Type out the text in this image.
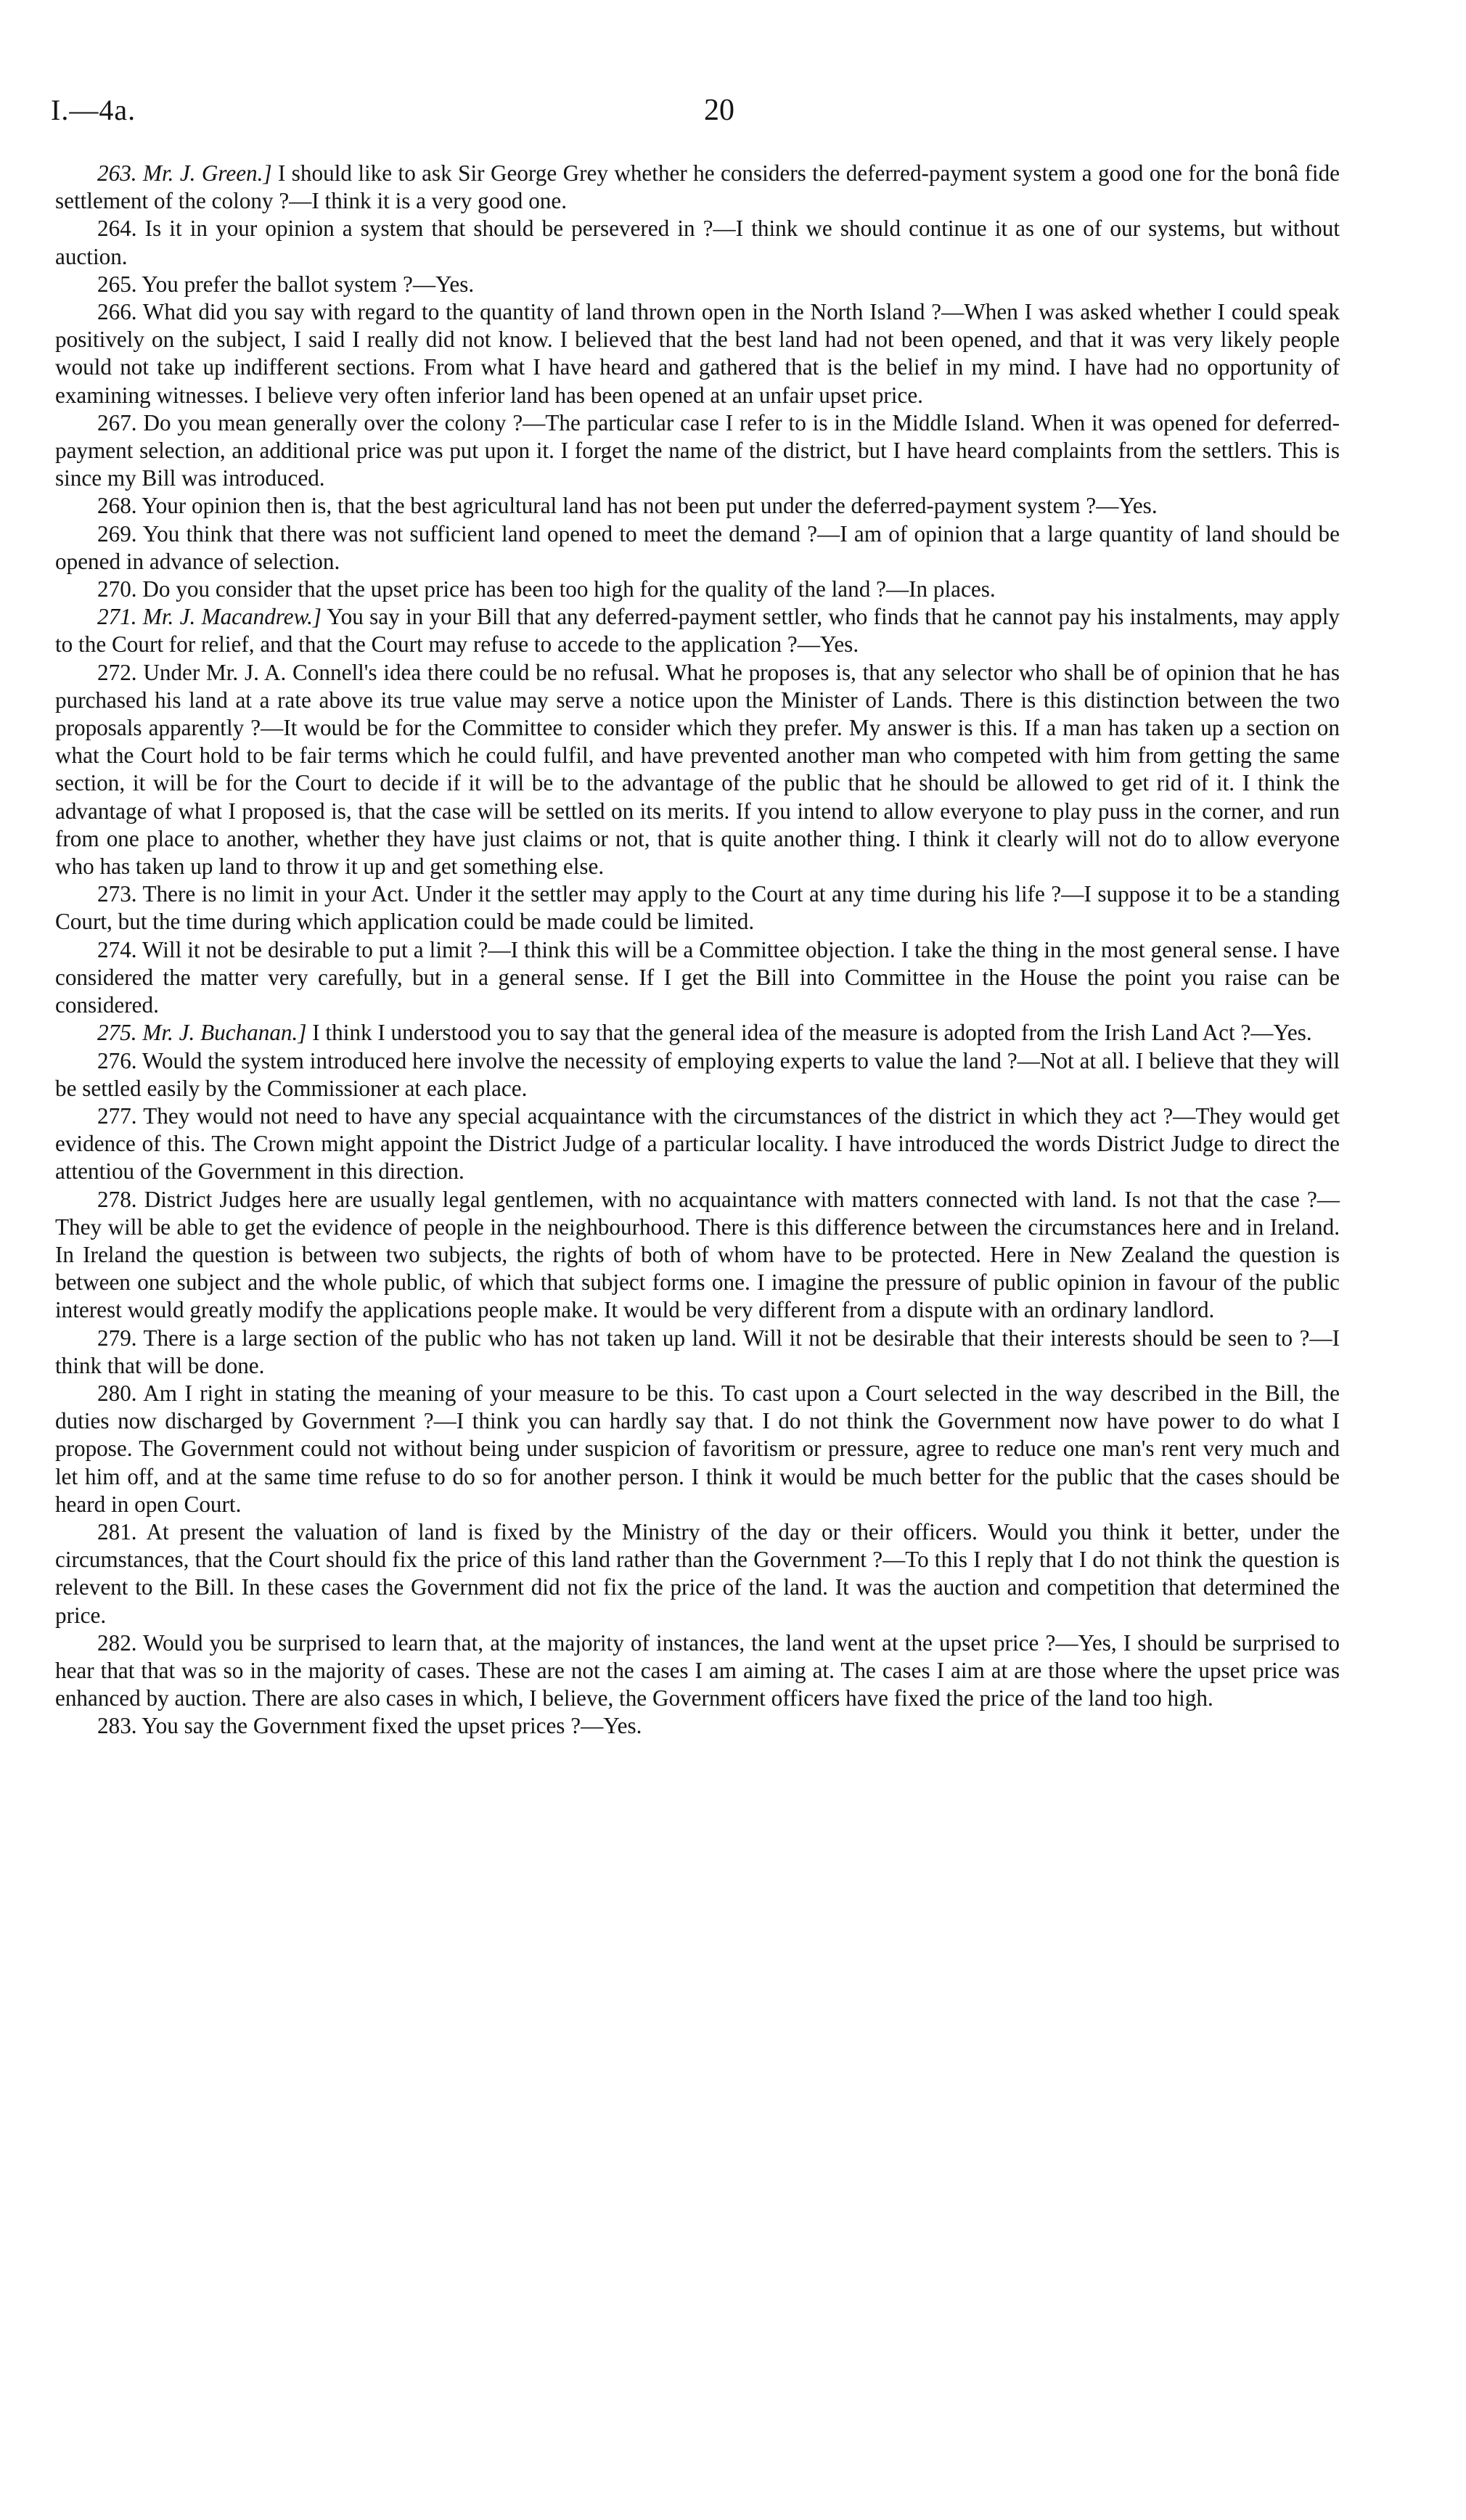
I.—4a.	20

263. Mr. J. Green.] I should like to ask Sir George Grey whether he considers the deferred-payment system a good one for the bonâ fide settlement of the colony ?—I think it is a very good one.

264. Is it in your opinion a system that should be persevered in ?—I think we should continue it as one of our systems, but without auction.

265. You prefer the ballot system ?—Yes.

266. What did you say with regard to the quantity of land thrown open in the North Island ?—When I was asked whether I could speak positively on the subject, I said I really did not know. I believed that the best land had not been opened, and that it was very likely people would not take up indifferent sections. From what I have heard and gathered that is the belief in my mind. I have had no opportunity of examining witnesses. I believe very often inferior land has been opened at an unfair upset price.

267. Do you mean generally over the colony ?—The particular case I refer to is in the Middle Island. When it was opened for deferred-payment selection, an additional price was put upon it. I forget the name of the district, but I have heard complaints from the settlers. This is since my Bill was introduced.

268. Your opinion then is, that the best agricultural land has not been put under the deferred-payment system ?—Yes.

269. You think that there was not sufficient land opened to meet the demand ?—I am of opinion that a large quantity of land should be opened in advance of selection.

270. Do you consider that the upset price has been too high for the quality of the land ?—In places.

271. Mr. J. Macandrew.] You say in your Bill that any deferred-payment settler, who finds that he cannot pay his instalments, may apply to the Court for relief, and that the Court may refuse to accede to the application ?—Yes.

272. Under Mr. J. A. Connell's idea there could be no refusal. What he proposes is, that any selector who shall be of opinion that he has purchased his land at a rate above its true value may serve a notice upon the Minister of Lands. There is this distinction between the two proposals apparently ?—It would be for the Committee to consider which they prefer. My answer is this. If a man has taken up a section on what the Court hold to be fair terms which he could fulfil, and have prevented another man who competed with him from getting the same section, it will be for the Court to decide if it will be to the advantage of the public that he should be allowed to get rid of it. I think the advantage of what I proposed is, that the case will be settled on its merits. If you intend to allow everyone to play puss in the corner, and run from one place to another, whether they have just claims or not, that is quite another thing. I think it clearly will not do to allow everyone who has taken up land to throw it up and get something else.

273. There is no limit in your Act. Under it the settler may apply to the Court at any time during his life ?—I suppose it to be a standing Court, but the time during which application could be made could be limited.

274. Will it not be desirable to put a limit ?—I think this will be a Committee objection. I take the thing in the most general sense. I have considered the matter very carefully, but in a general sense. If I get the Bill into Committee in the House the point you raise can be considered.

275. Mr. J. Buchanan.] I think I understood you to say that the general idea of the measure is adopted from the Irish Land Act ?—Yes.

276. Would the system introduced here involve the necessity of employing experts to value the land ?—Not at all. I believe that they will be settled easily by the Commissioner at each place.

277. They would not need to have any special acquaintance with the circumstances of the district in which they act ?—They would get evidence of this. The Crown might appoint the District Judge of a particular locality. I have introduced the words District Judge to direct the attentiou of the Government in this direction.

278. District Judges here are usually legal gentlemen, with no acquaintance with matters connected with land. Is not that the case ?—They will be able to get the evidence of people in the neighbourhood. There is this difference between the circumstances here and in Ireland. In Ireland the question is between two subjects, the rights of both of whom have to be protected. Here in New Zealand the question is between one subject and the whole public, of which that subject forms one. I imagine the pressure of public opinion in favour of the public interest would greatly modify the applications people make. It would be very different from a dispute with an ordinary landlord.

279. There is a large section of the public who has not taken up land. Will it not be desirable that their interests should be seen to ?—I think that will be done.

280. Am I right in stating the meaning of your measure to be this. To cast upon a Court selected in the way described in the Bill, the duties now discharged by Government ?—I think you can hardly say that. I do not think the Government now have power to do what I propose. The Government could not without being under suspicion of favoritism or pressure, agree to reduce one man's rent very much and let him off, and at the same time refuse to do so for another person. I think it would be much better for the public that the cases should be heard in open Court.

281. At present the valuation of land is fixed by the Ministry of the day or their officers. Would you think it better, under the circumstances, that the Court should fix the price of this land rather than the Government ?—To this I reply that I do not think the question is relevent to the Bill. In these cases the Government did not fix the price of the land. It was the auction and competition that determined the price.

282. Would you be surprised to learn that, at the majority of instances, the land went at the upset price ?—Yes, I should be surprised to hear that that was so in the majority of cases. These are not the cases I am aiming at. The cases I aim at are those where the upset price was enhanced by auction. There are also cases in which, I believe, the Government officers have fixed the price of the land too high.

283. You say the Government fixed the upset prices ?—Yes.
